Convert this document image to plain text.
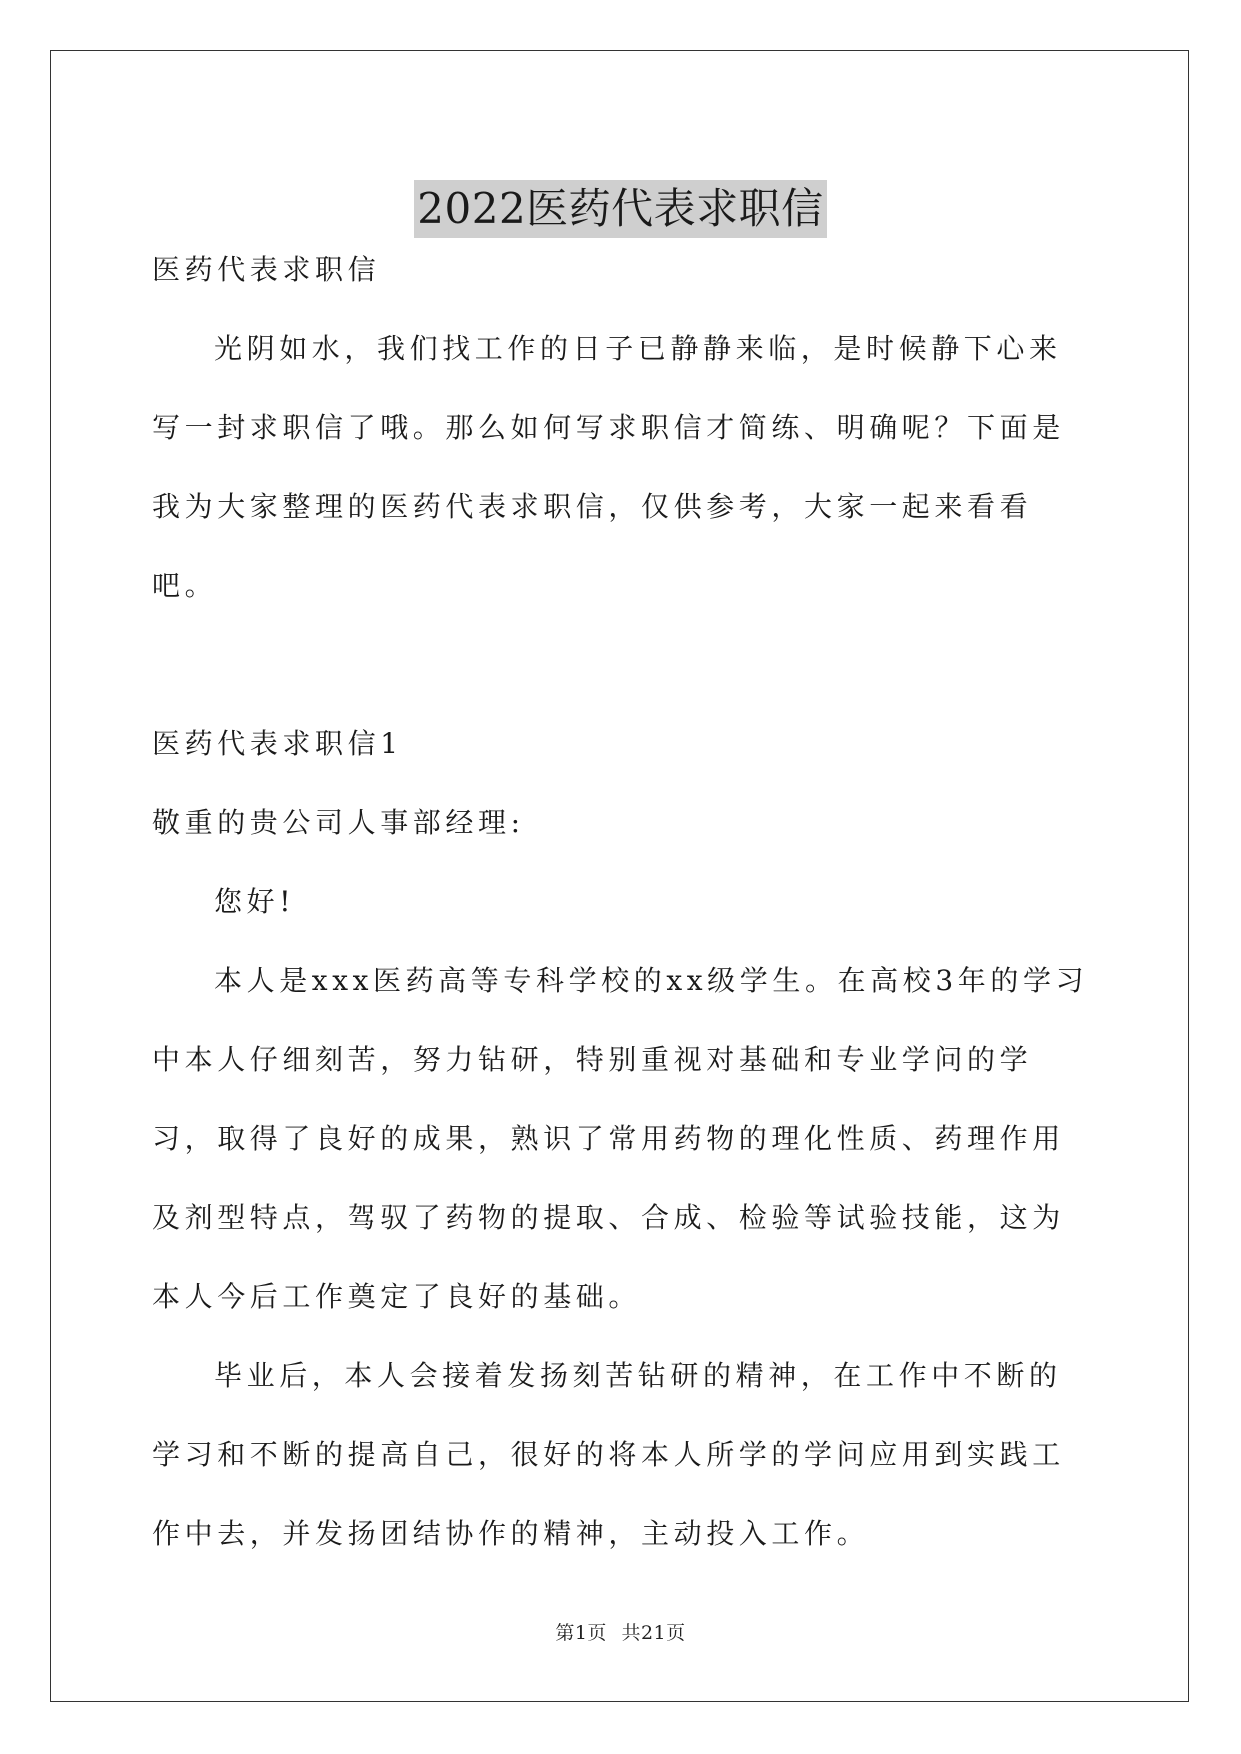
2022医药代表求职信

医药代表求职信

光阴如水，我们找工作的日子已静静来临，是时候静下心来写一封求职信了哦。那么如何写求职信才简练、明确呢？下面是我为大家整理的医药代表求职信，仅供参考，大家一起来看看吧。

医药代表求职信1

敬重的贵公司人事部经理:

您好!

本人是xxx医药高等专科学校的xx级学生。在高校3年的学习中本人仔细刻苦，努力钻研，特别重视对基础和专业学问的学习，取得了良好的成果，熟识了常用药物的理化性质、药理作用及剂型特点，驾驭了药物的提取、合成、检验等试验技能，这为本人今后工作奠定了良好的基础。

毕业后，本人会接着发扬刻苦钻研的精神，在工作中不断的学习和不断的提高自己，很好的将本人所学的学问应用到实践工作中去，并发扬团结协作的精神，主动投入工作。

第1页 共21页
